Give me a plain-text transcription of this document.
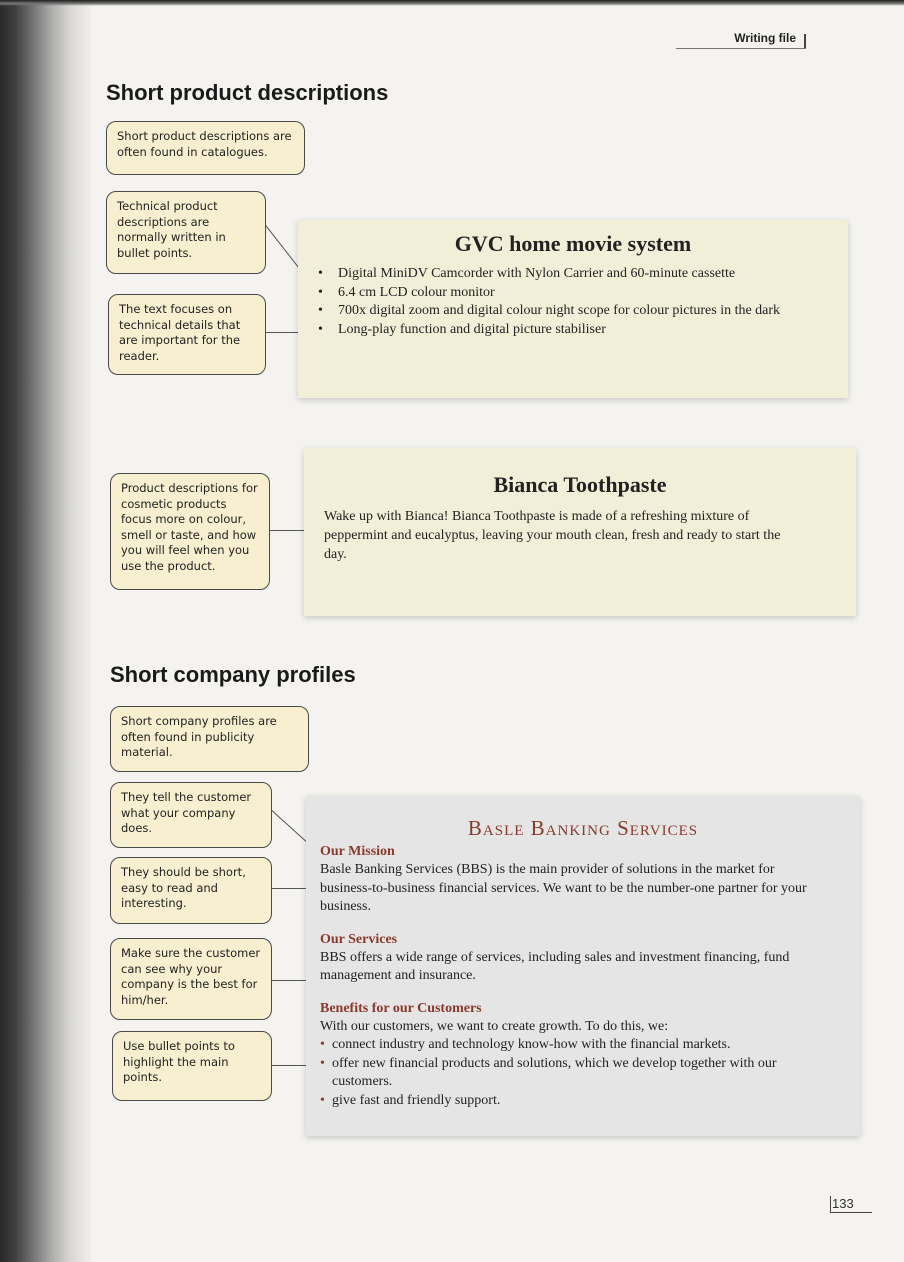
Writing file
Short product descriptions
Short product descriptions are often found in catalogues.
Technical product descriptions are normally written in bullet points.
The text focuses on technical details that are important for the reader.
Product descriptions for cosmetic products focus more on colour, smell or taste, and how you will feel when you use the product.
GVC home movie system
• Digital MiniDV Camcorder with Nylon Carrier and 60-minute cassette
• 6.4 cm LCD colour monitor
• 700x digital zoom and digital colour night scope for colour pictures in the dark
• Long-play function and digital picture stabiliser
Bianca Toothpaste
Wake up with Bianca! Bianca Toothpaste is made of a refreshing mixture of peppermint and eucalyptus, leaving your mouth clean, fresh and ready to start the day.
Short company profiles
Short company profiles are often found in publicity material.
They tell the customer what your company does.
They should be short, easy to read and interesting.
Make sure the customer can see why your company is the best for him/her.
Use bullet points to highlight the main points.
Basle Banking Services
Our Mission
Basle Banking Services (BBS) is the main provider of solutions in the market for business-to-business financial services. We want to be the number-one partner for your business.
Our Services
BBS offers a wide range of services, including sales and investment financing, fund management and insurance.
Benefits for our Customers
With our customers, we want to create growth. To do this, we:
• connect industry and technology know-how with the financial markets.
• offer new financial products and solutions, which we develop together with our customers.
• give fast and friendly support.
133
